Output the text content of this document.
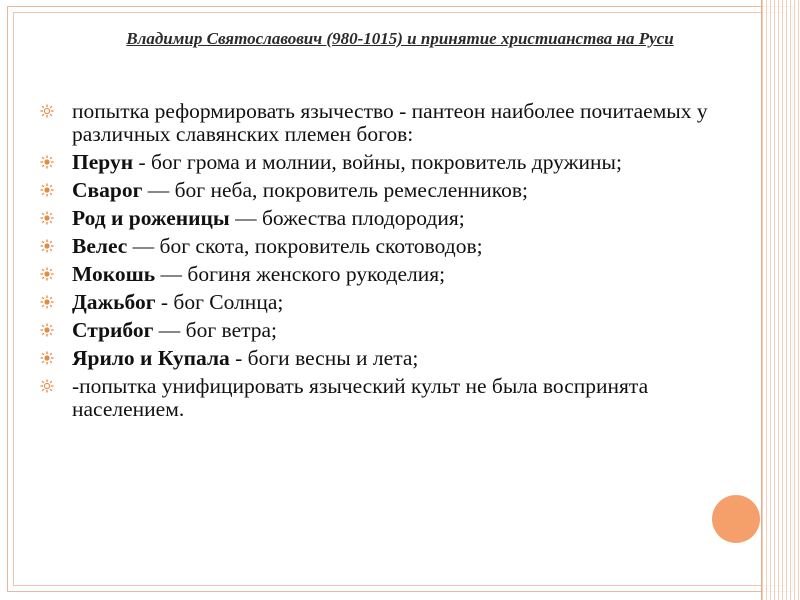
Владимир Святославович (980-1015) и принятие христианства на Руси
попытка реформировать язычество - пантеон наиболее почитаемых у различных славянских племен богов:
Перун - бог грома и молнии, войны, покровитель дружины;
Сварог — бог неба, покровитель ремесленников;
Род и роженицы — божества плодородия;
Велес — бог скота, покровитель скотоводов;
Мокошь — богиня женского рукоделия;
Дажьбог - бог Солнца;
Стрибог — бог ветра;
Ярило и Купала - боги весны и лета;
-попытка унифицировать языческий культ не была воспринята населением.
